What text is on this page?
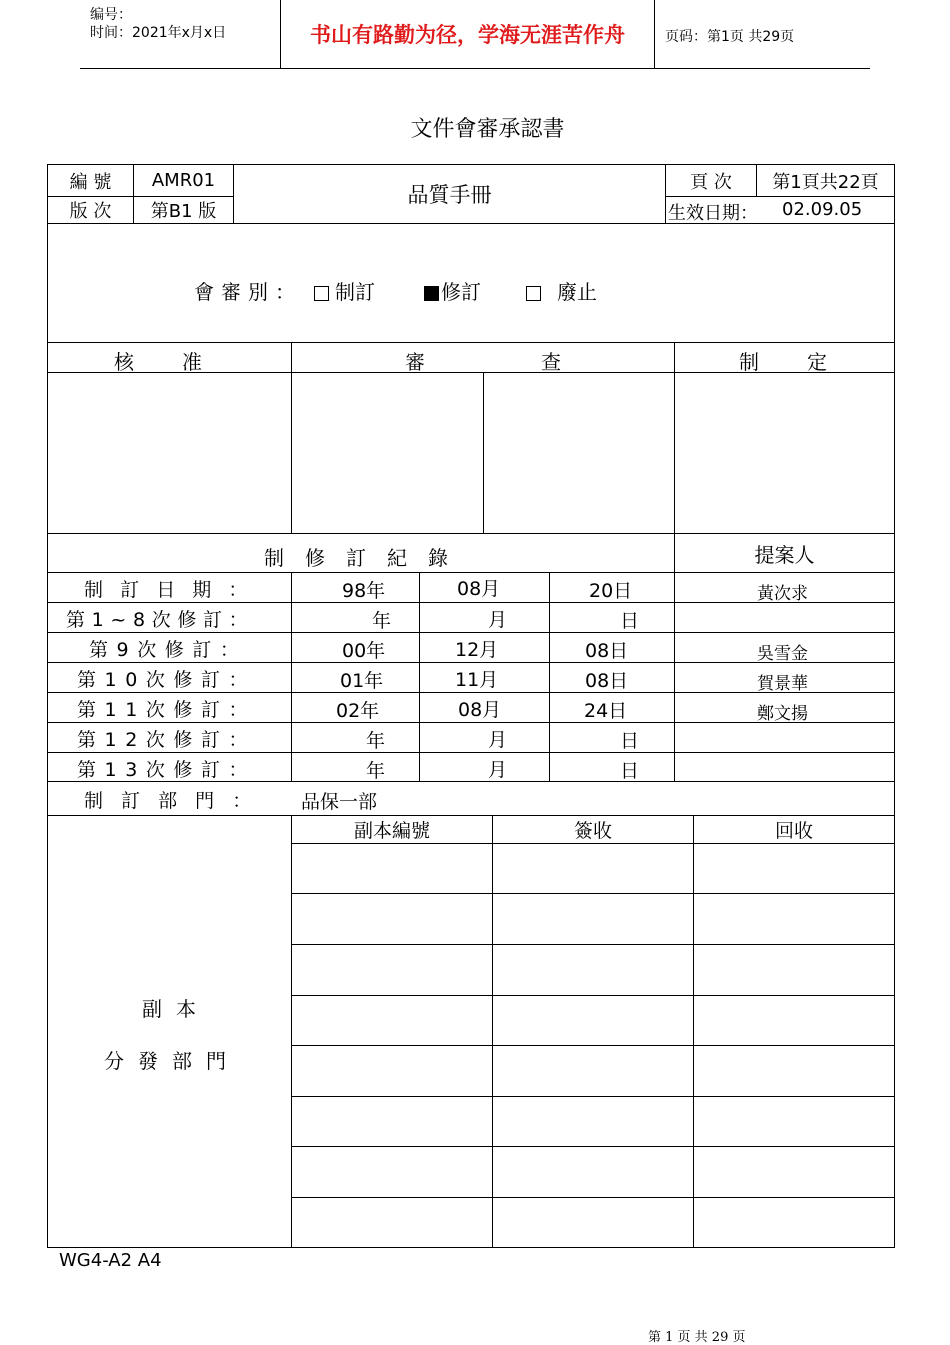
编号：
时间：2021年x月x日	书山有路勤为径，学海无涯苦作舟	页码：第1页 共29页
文件會審承認書
編 號	AMR01
版 次	第B1 版
品質手冊
頁 次	第1頁共22頁
生效日期： 02.09.05
會審別：	制訂	修訂	廢止
核准	審查	制定
制修訂紀錄	提案人
制訂日期：	98年	08月	20日	黃次求
第1~8次修訂：	年	月	日
第9次修訂：	00年	12月	08日	吳雪金
第10次修訂：	01年	11月	08日	賀景華
第11次修訂：	02年	08月	24日	鄭文揚
第12次修訂：	年	月	日
第13次修訂：	年	月	日
制訂部門： 品保一部
副本
分發部門
副本編號	簽收	回收
WG4-A2 A4
第 1 页 共 29 页
